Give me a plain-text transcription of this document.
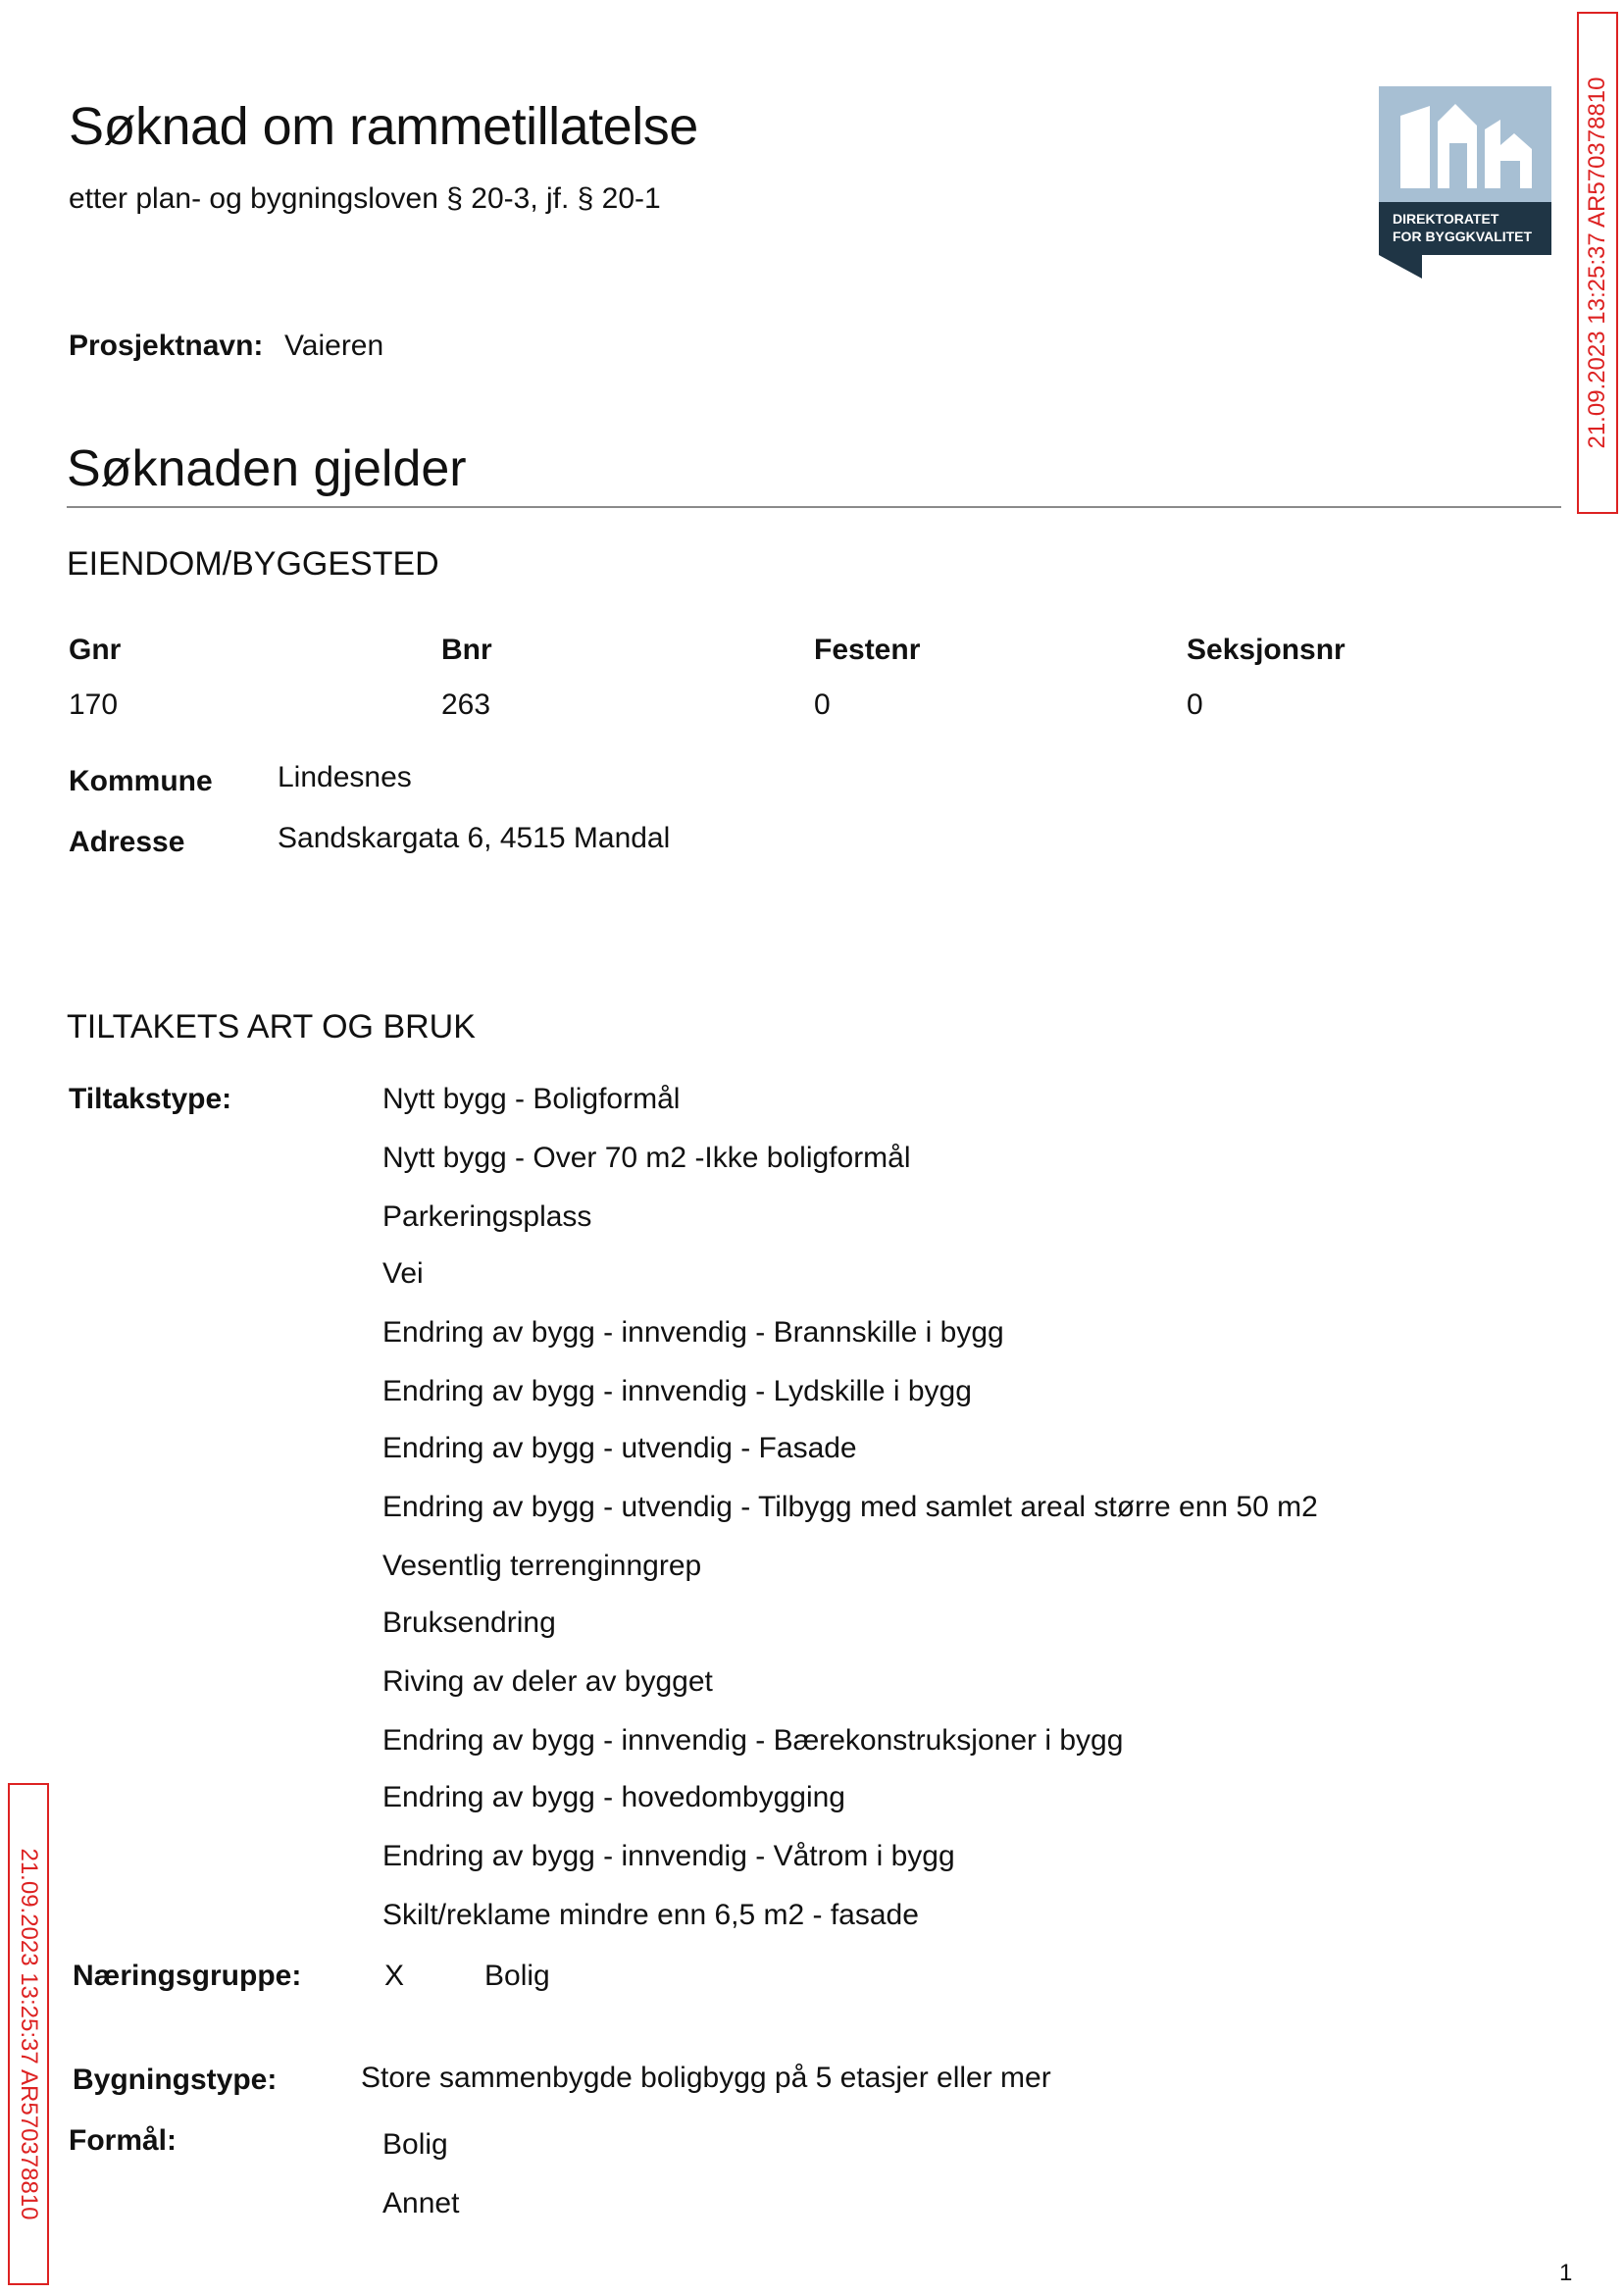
Søknad om rammetillatelse
etter plan- og bygningsloven § 20-3, jf. § 20-1
DIREKTORATET
FOR BYGGKVALITET 21.09.2023 13:25:37 AR570378810
Prosjektnavn: Vaieren
Søknaden gjelder
EIENDOM/BYGGESTED
Gnr	Bnr	Festenr	Seksjonsnr
170	263	0	0
Kommune Lindesnes
Adresse	Sandskargata 6, 4515 Mandal
TILTAKETS ART OG BRUK
Tiltakstype:	Nytt bygg - Boligformål
Nytt bygg - Over 70 m2 -Ikke boligformål
Parkeringsplass
Vei
Endring av bygg - innvendig - Brannskille i bygg
Endring av bygg - innvendig - Lydskille i bygg
Endring av bygg - utvendig - Fasade
Endring av bygg - utvendig - Tilbygg med samlet areal større enn 50 m2
Vesentlig terrenginngrep
Bruksendring
Riving av deler av bygget
Endring av bygg - innvendig - Bærekonstruksjoner i bygg
Endring av bygg - hovedombygging
Endring av bygg - innvendig - Våtrom i bygg
Skilt/reklame mindre enn 6,5 m2 - fasade
Næringsgruppe:	X	Bolig
Bygningstype:	Store sammenbygde boligbygg på 5 etasjer eller mer
Formål:	Bolig
Annet
21.09.2023 13:25:37 AR570378810
1
